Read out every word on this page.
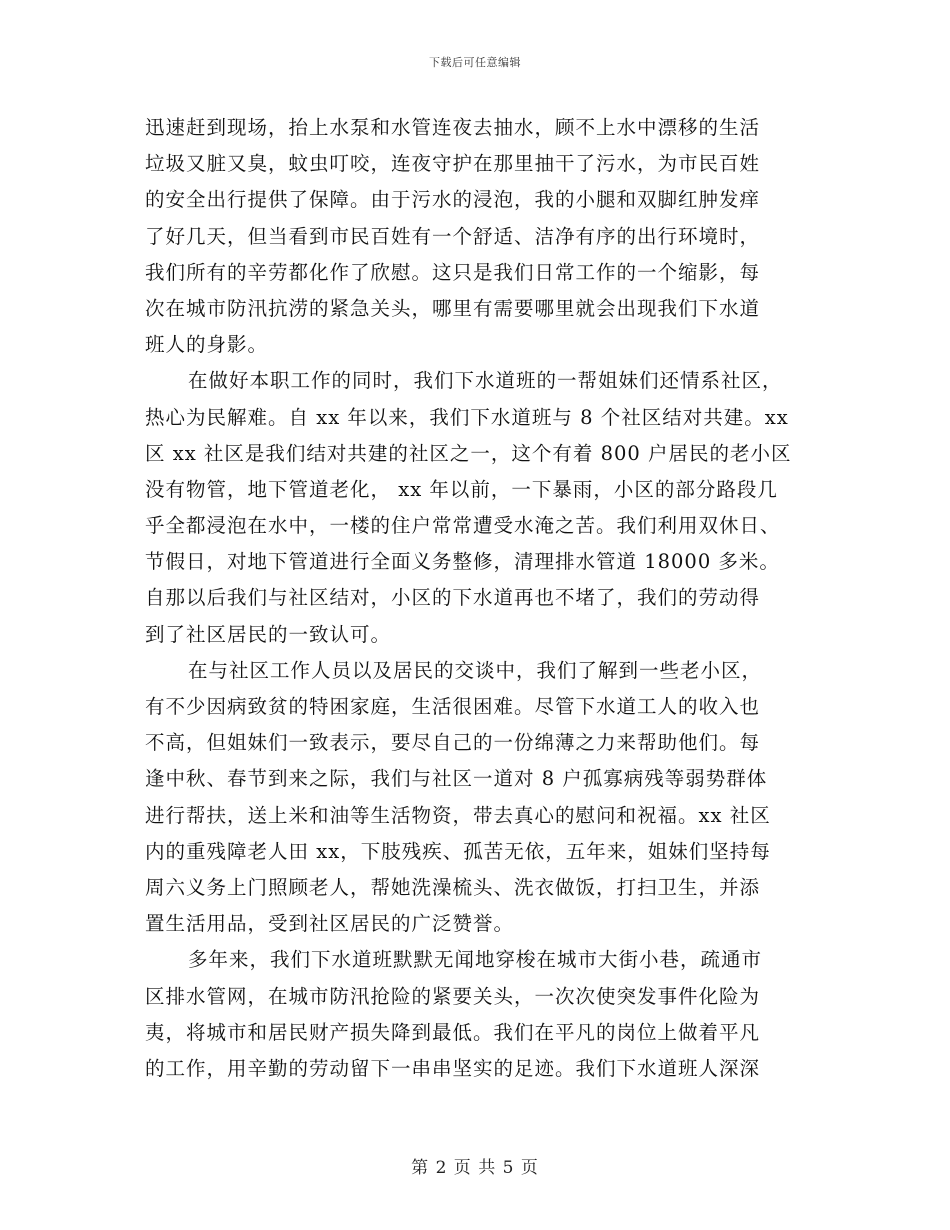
下载后可任意编辑
迅速赶到现场，抬上水泵和水管连夜去抽水，顾不上水中漂移的生活
垃圾又脏又臭，蚊虫叮咬，连夜守护在那里抽干了污水，为市民百姓
的安全出行提供了保障。由于污水的浸泡，我的小腿和双脚红肿发痒
了好几天，但当看到市民百姓有一个舒适、洁净有序的出行环境时，
我们所有的辛劳都化作了欣慰。这只是我们日常工作的一个缩影，每
次在城市防汛抗涝的紧急关头，哪里有需要哪里就会出现我们下水道
班人的身影。
在做好本职工作的同时，我们下水道班的一帮姐妹们还情系社区，
热心为民解难。自 xx 年以来，我们下水道班与 8 个社区结对共建。xx
区 xx 社区是我们结对共建的社区之一，这个有着 800 户居民的老小区
没有物管，地下管道老化， xx 年以前，一下暴雨，小区的部分路段几
乎全都浸泡在水中，一楼的住户常常遭受水淹之苦。我们利用双休日、
节假日，对地下管道进行全面义务整修，清理排水管道 18000 多米。
自那以后我们与社区结对，小区的下水道再也不堵了，我们的劳动得
到了社区居民的一致认可。
在与社区工作人员以及居民的交谈中，我们了解到一些老小区，
有不少因病致贫的特困家庭，生活很困难。尽管下水道工人的收入也
不高，但姐妹们一致表示，要尽自己的一份绵薄之力来帮助他们。每
逢中秋、春节到来之际，我们与社区一道对 8 户孤寡病残等弱势群体
进行帮扶，送上米和油等生活物资，带去真心的慰问和祝福。xx 社区
内的重残障老人田 xx，下肢残疾、孤苦无依，五年来，姐妹们坚持每
周六义务上门照顾老人，帮她洗澡梳头、洗衣做饭，打扫卫生，并添
置生活用品，受到社区居民的广泛赞誉。
多年来，我们下水道班默默无闻地穿梭在城市大街小巷，疏通市
区排水管网，在城市防汛抢险的紧要关头，一次次使突发事件化险为
夷，将城市和居民财产损失降到最低。我们在平凡的岗位上做着平凡
的工作，用辛勤的劳动留下一串串坚实的足迹。我们下水道班人深深
第 2 页 共 5 页
